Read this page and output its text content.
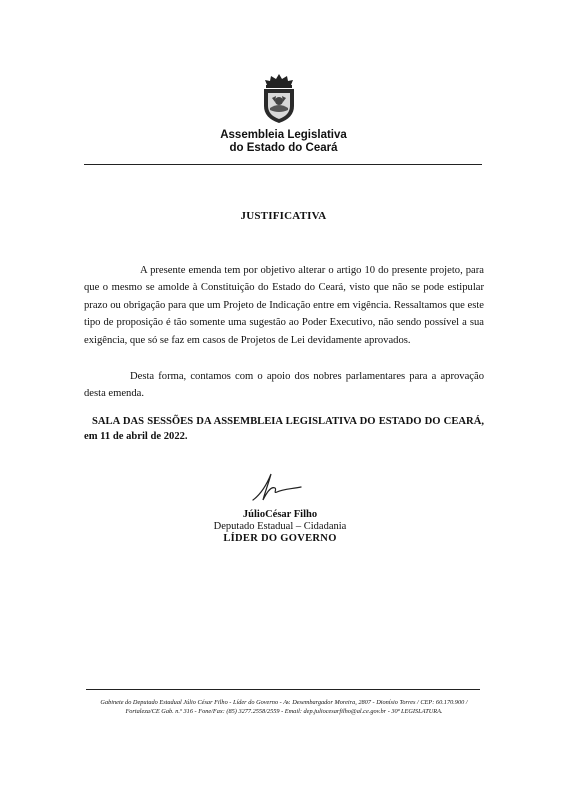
Assembleia Legislativa
do Estado do Ceará
JUSTIFICATIVA
A presente emenda tem por objetivo alterar o artigo 10 do presente projeto, para que o mesmo se amolde à Constituição do Estado do Ceará, visto que não se pode estipular prazo ou obrigação para que um Projeto de Indicação entre em vigência. Ressaltamos que este tipo de proposição é tão somente uma sugestão ao Poder Executivo, não sendo possível a sua exigência, que só se faz em casos de Projetos de Lei devidamente aprovados.
Desta forma, contamos com o apoio dos nobres parlamentares para a aprovação desta emenda.
SALA DAS SESSÕES DA ASSEMBLEIA LEGISLATIVA DO ESTADO DO CEARÁ, em 11 de abril de 2022.
JúlioCésar Filho
Deputado Estadual – Cidadania
LÍDER DO GOVERNO
Gabinete do Deputado Estadual Júlio César Filho - Líder do Governo - Av. Desembargador Moreira, 2807 - Dionísio Torres / CEP: 60.170.900 / Fortaleza/CE Gab. n.º 316 - Fone/Fax: (85) 3277.2558/2559 - Email: dep.juliocesarfilho@al.ce.gov.br - 30ª LEGISLATURA.
